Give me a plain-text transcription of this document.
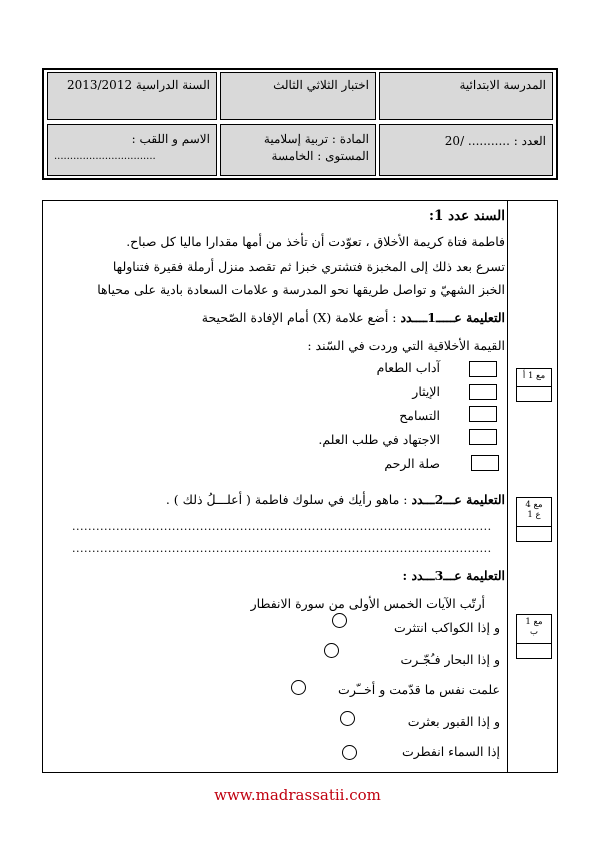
المدرسة الابتدائية
اختبار الثلاثي الثالث
السنة الدراسية 2013/2012
العدد : ........... /20
المادة : تربية إسلامية
المستوى : الخامسة
الاسم و اللقب :
................................
السند عدد 1:
فاطمة فتاة كريمة الأخلاق ، تعوّدت أن تأخذ من أمها مقدارا ماليا كل صباح.
تسرع بعد ذلك إلى المخبزة فتشتري خبزا ثم تقصد منزل أرملة فقيرة فتناولها
الخبز الشهيّ و تواصل طريقها نحو المدرسة و علامات السعادة بادية على محياها
التعليمة عـــــ1ــــدد : أضع علامة (X) أمام الإفادة الصّحيحة
القيمة الأخلاقية التي وردت في السّند :
آداب الطعام
الإيثار
التسامح
الاجتهاد في طلب العلم.
صلة الرحم
مع 1 أ
التعليمة عـــ2ـــدد : ماهو رأيك في سلوك فاطمة ( أعلـــلُ ذلك ) .
.........................................................................................................
.........................................................................................................
مع 4
ع 1
التعليمة عـــ3ـــدد :
أرتّب الآيات الخمس الأولى من سورة الانفطار
و إذا الكواكب انتثرت
و إذا البحار فـُجّـرت
علمت نفس ما قدّمت و أخــّرت
و إذا القبور بعثرت
إذا السماء انفطرت
مع 1
ب
www.madrassatii.com
